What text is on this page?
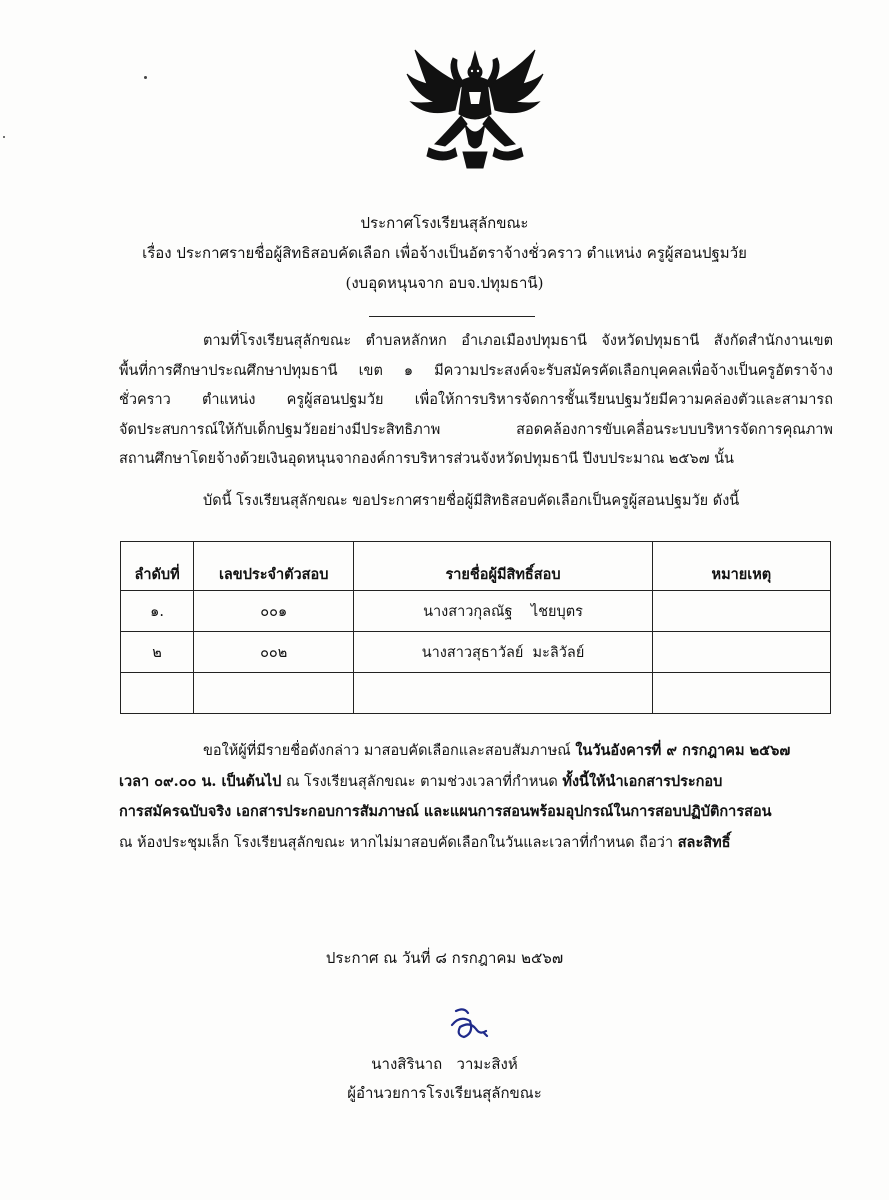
ประกาศโรงเรียนสุลักขณะ
เรื่อง ประกาศรายชื่อผู้สิทธิสอบคัดเลือก เพื่อจ้างเป็นอัตราจ้างชั่วคราว ตำแหน่ง ครูผู้สอนปฐมวัย
(งบอุดหนุนจาก อบจ.ปทุมธานี)
ตามที่โรงเรียนสุลักขณะ ตำบลหลักหก อำเภอเมืองปทุมธานี จังหวัดปทุมธานี สังกัดสำนักงานเขต
พื้นที่การศึกษาประณศึกษาปทุมธานี เขต ๑ มีความประสงค์จะรับสมัครคัดเลือกบุคคลเพื่อจ้างเป็นครูอัตราจ้าง
ชั่วคราว ตำแหน่ง ครูผู้สอนปฐมวัย เพื่อให้การบริหารจัดการชั้นเรียนปฐมวัยมีความคล่องตัวและสามารถ
จัดประสบการณ์ให้กับเด็กปฐมวัยอย่างมีประสิทธิภาพ สอดคล้องการขับเคลื่อนระบบบริหารจัดการคุณภาพ
สถานศึกษาโดยจ้างด้วยเงินอุดหนุนจากองค์การบริหารส่วนจังหวัดปทุมธานี ปีงบประมาณ ๒๕๖๗ นั้น
บัดนี้ โรงเรียนสุลักขณะ ขอประกาศรายชื่อผู้มีสิทธิสอบคัดเลือกเป็นครูผู้สอนปฐมวัย ดังนี้
ลำดับที่	เลขประจำตัวสอบ	รายชื่อผู้มีสิทธิ์สอบ	หมายเหตุ
๑.	๐๐๑	นางสาวกุลณัฐ    ไชยบุตร	
๒	๐๐๒	นางสาวสุธาวัลย์  มะลิวัลย์	

ขอให้ผู้ที่มีรายชื่อดังกล่าว มาสอบคัดเลือกและสอบสัมภาษณ์ ในวันอังคารที่ ๙ กรกฎาคม ๒๕๖๗
เวลา ๐๙.๐๐ น. เป็นต้นไป ณ โรงเรียนสุลักขณะ ตามช่วงเวลาที่กำหนด ทั้งนี้ให้นำเอกสารประกอบ
การสมัครฉบับจริง เอกสารประกอบการสัมภาษณ์ และแผนการสอนพร้อมอุปกรณ์ในการสอบปฏิบัติการสอน
ณ ห้องประชุมเล็ก โรงเรียนสุลักขณะ หากไม่มาสอบคัดเลือกในวันและเวลาที่กำหนด ถือว่า สละสิทธิ์
ประกาศ ณ วันที่ ๘ กรกฎาคม ๒๕๖๗
นางสิรินาถ   วามะสิงห์
ผู้อำนวยการโรงเรียนสุลักขณะ
